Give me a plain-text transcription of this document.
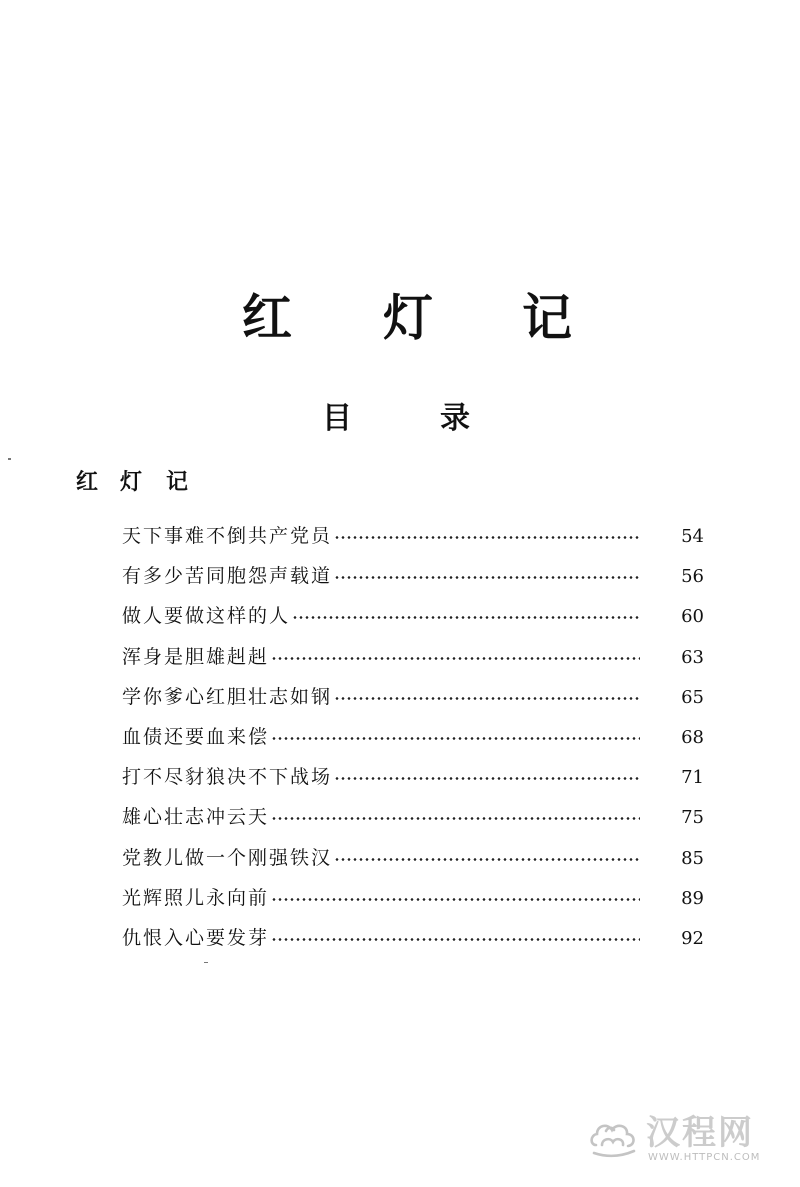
红 灯 记
目	录
红 灯 记
天下事难不倒共产党员	54
有多少苦同胞怨声载道	56
做人要做这样的人	60
浑身是胆雄赳赳	63
学你爹心红胆壮志如钢	65
血债还要血来偿	68
打不尽豺狼决不下战场	71
雄心壮志冲云天	75
党教儿做一个刚强铁汉	85
光辉照儿永向前	89
仇恨入心要发芽	92
汉程网
WWW.HTTPCN.COM
